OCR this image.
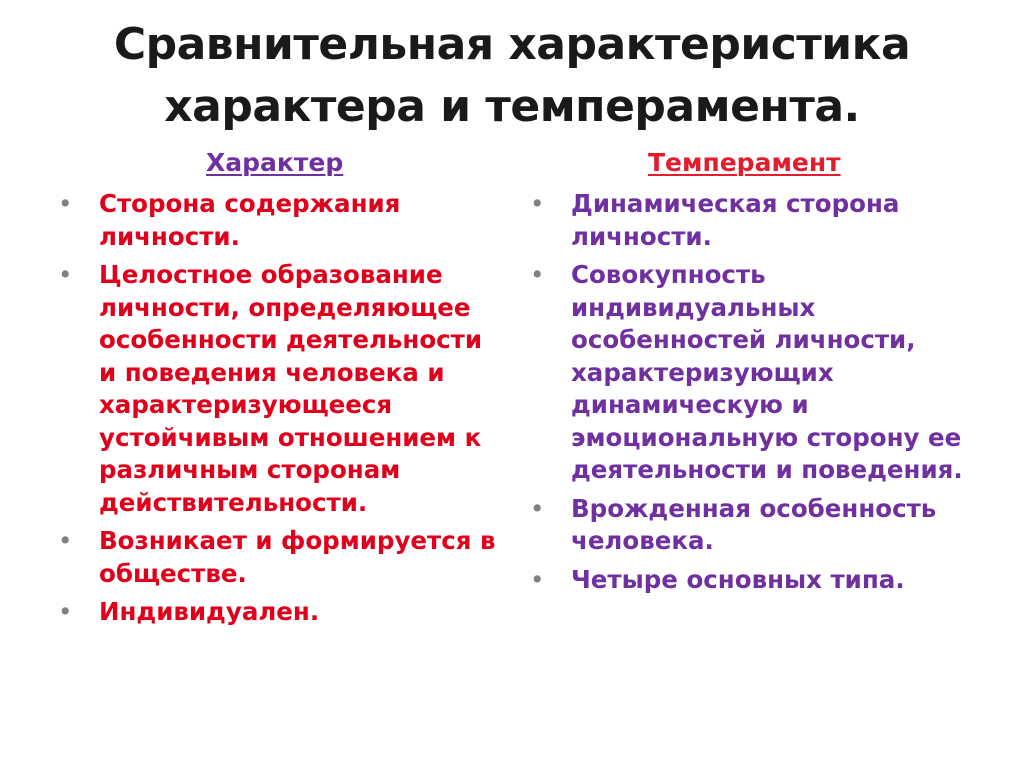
Сравнительная характеристика
характера и темперамента.
Характер
• Сторона содержания личности.
• Целостное образование личности, определяющее особенности деятельности и поведения человека и характеризующееся устойчивым отношением к различным сторонам действительности.
• Возникает и формируется в обществе.
• Индивидуален.
Темперамент
• Динамическая сторона личности.
• Совокупность индивидуальных особенностей личности, характеризующих динамическую и эмоциональную сторону ее деятельности и поведения.
• Врожденная особенность человека.
• Четыре основных типа.
